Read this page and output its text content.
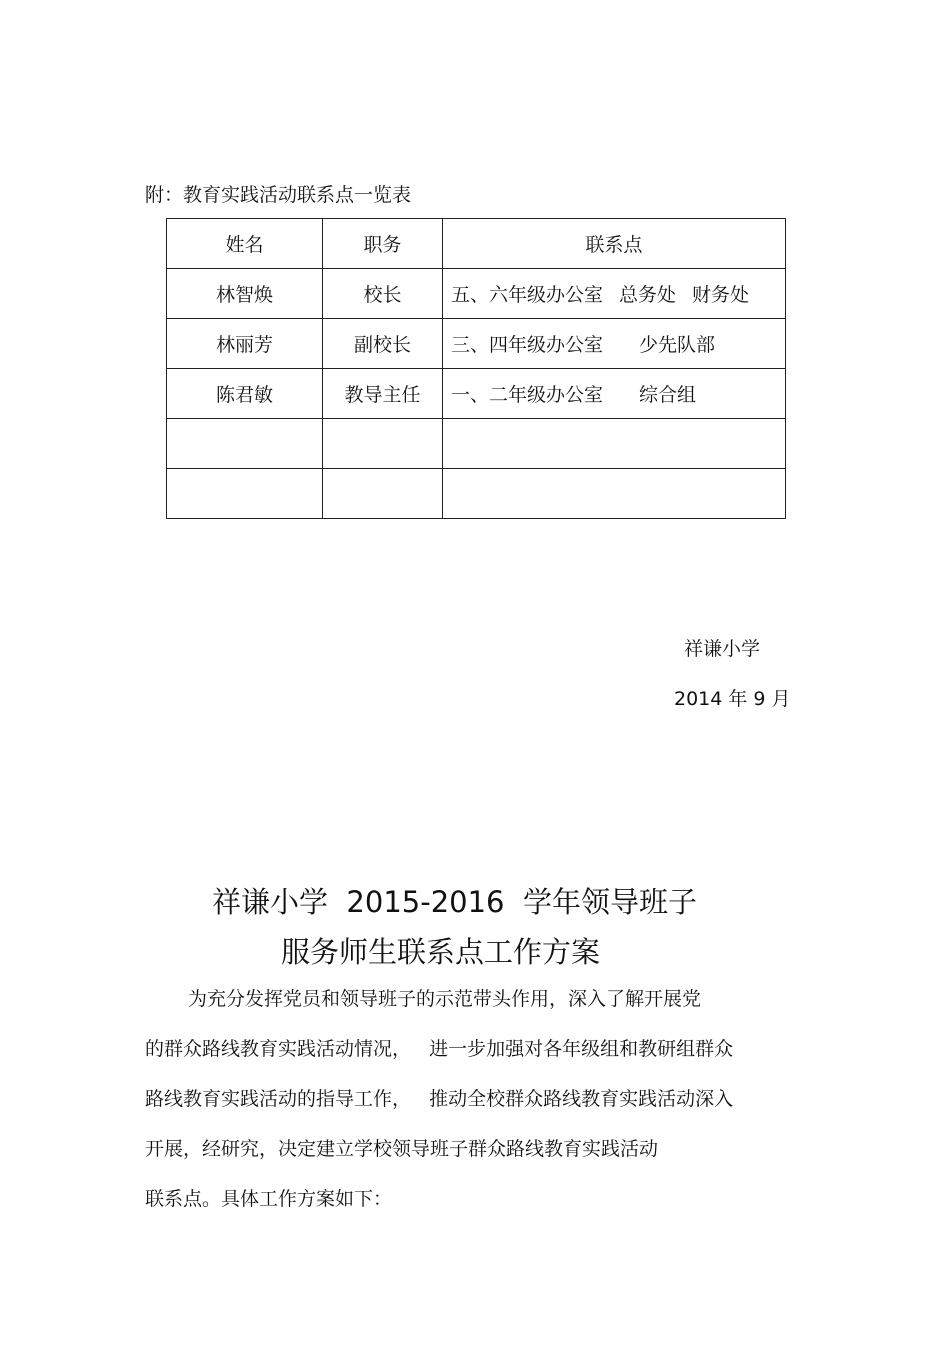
附：教育实践活动联系点一览表
姓名	职务	联系点
林智焕	校长	五、六年级办公室 总务处 财务处
林丽芳	副校长	三、四年级办公室 少先队部
陈君敏	教导主任	一、二年级办公室 综合组

祥谦小学
2014 年 9 月
祥谦小学  2015-2016  学年领导班子
服务师生联系点工作方案
为充分发挥党员和领导班子的示范带头作用，深入了解开展党
的群众路线教育实践活动情况，   进一步加强对各年级组和教研组群众
路线教育实践活动的指导工作，   推动全校群众路线教育实践活动深入
开展，经研究，决定建立学校领导班子群众路线教育实践活动
联系点。具体工作方案如下：
